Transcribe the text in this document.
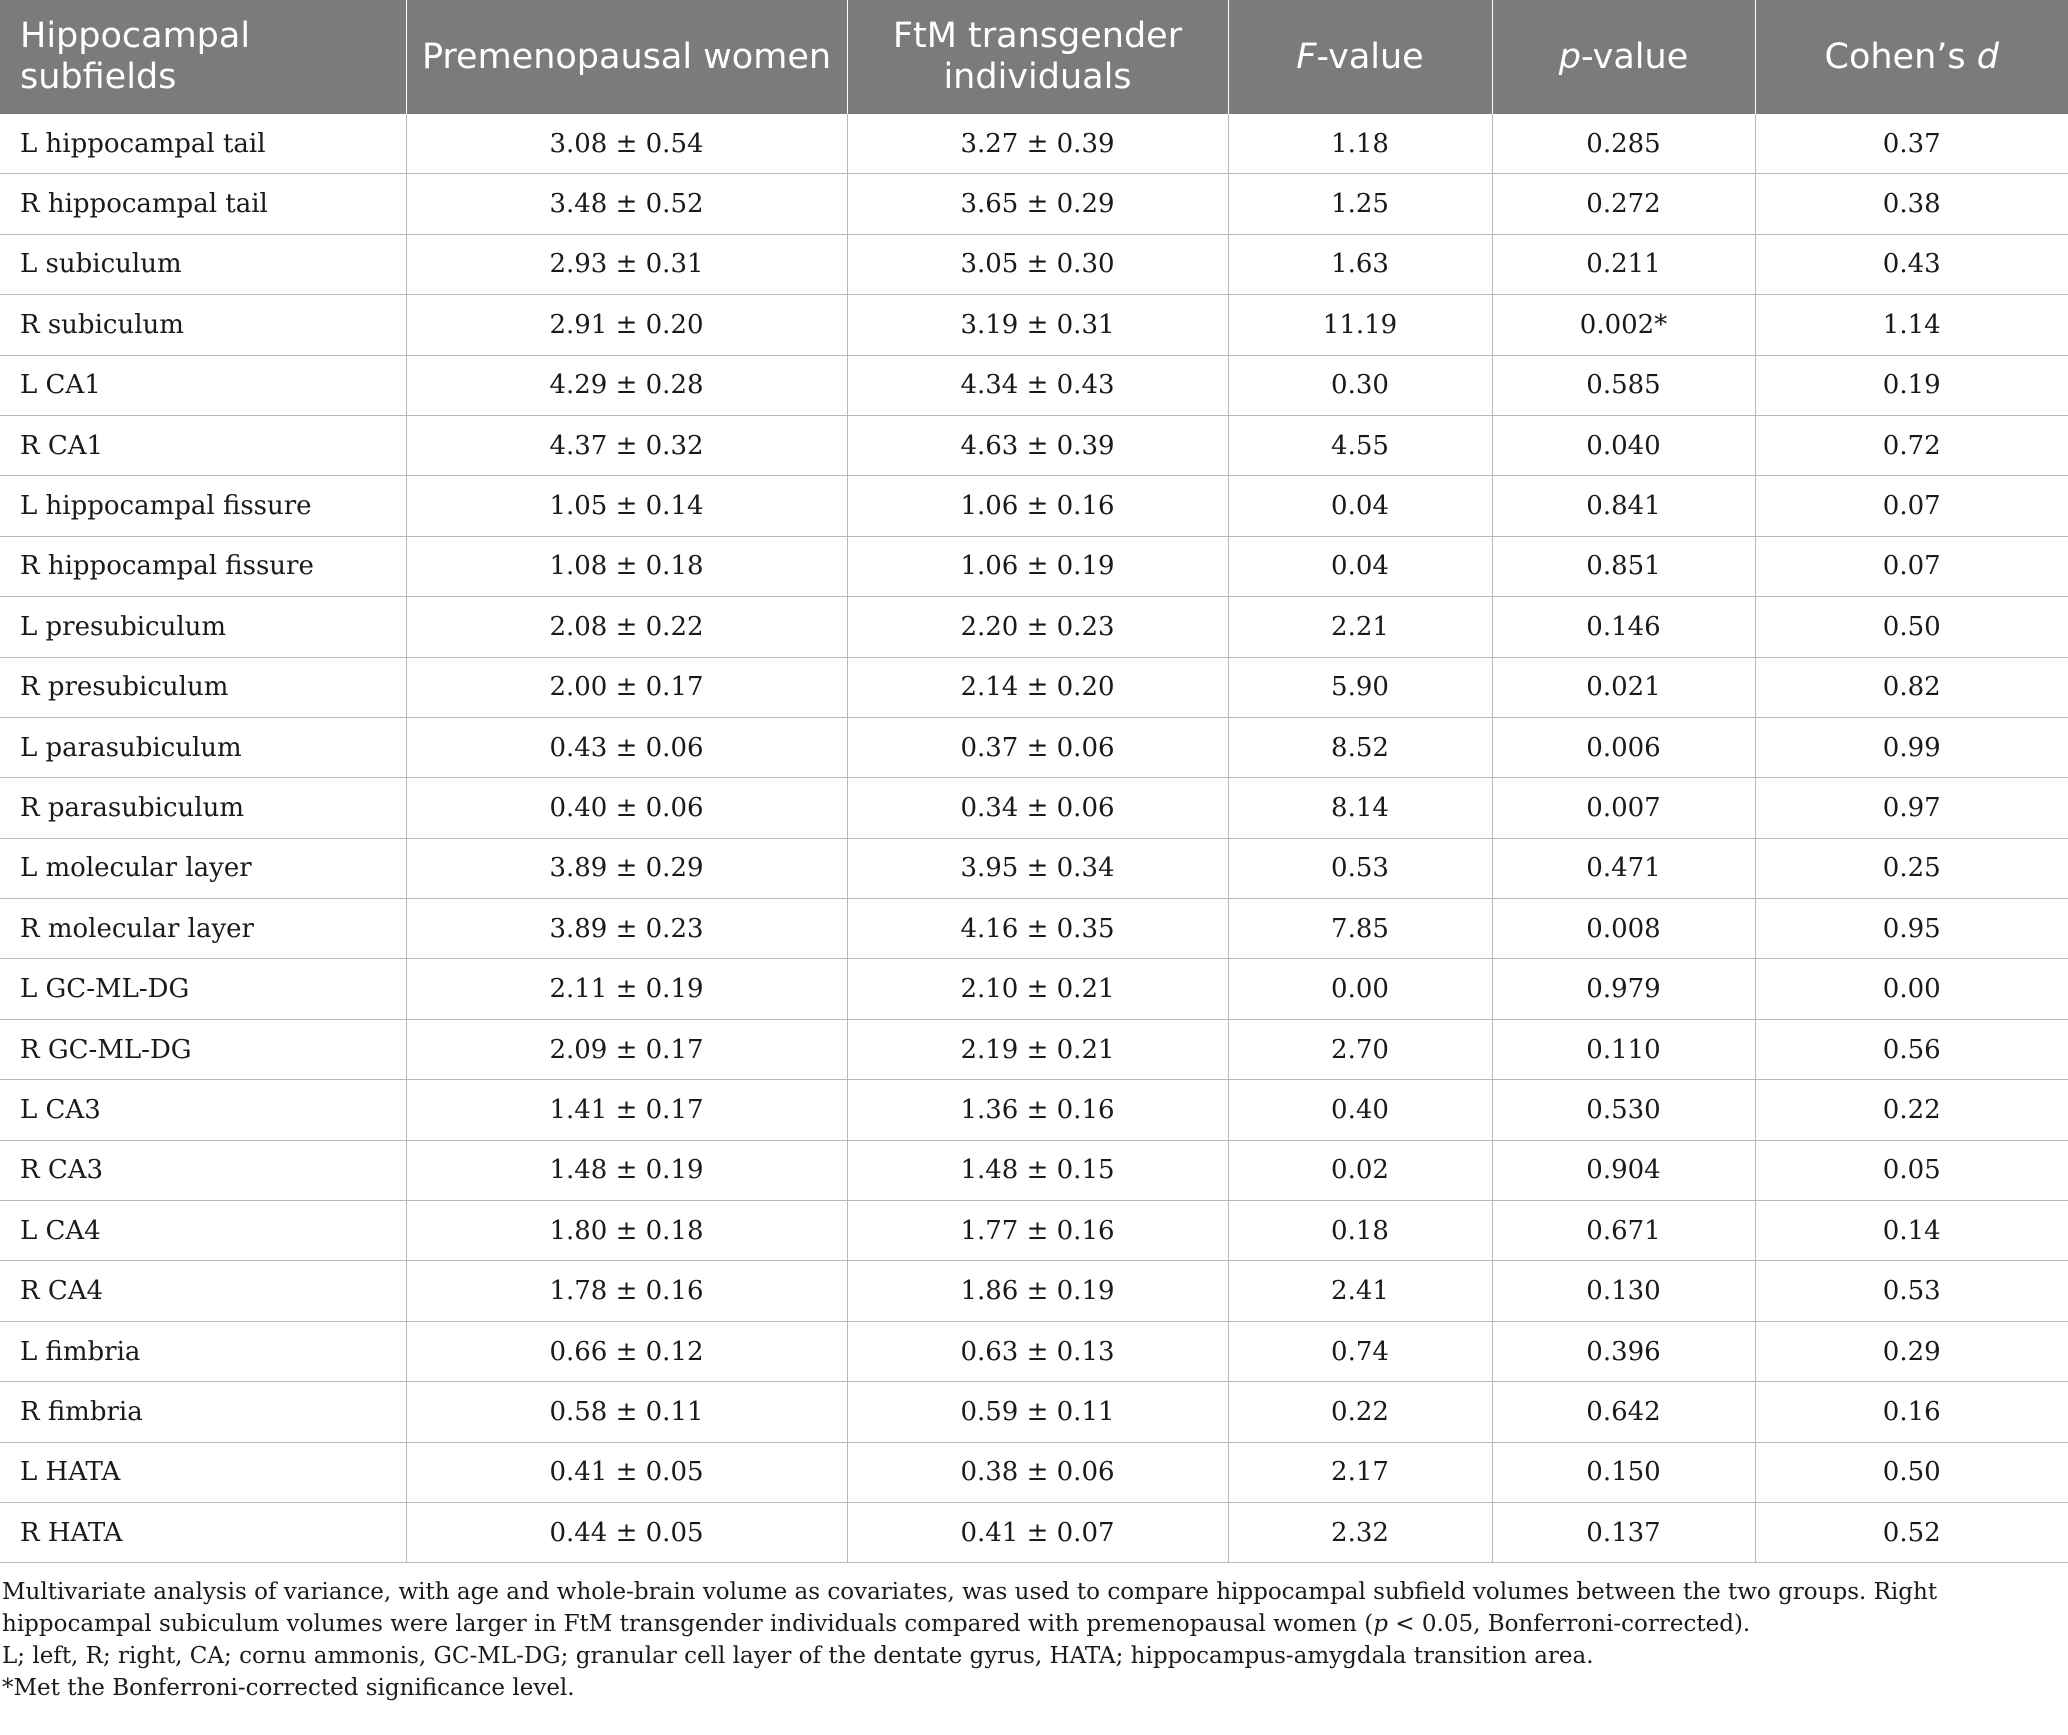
Hippocampal subfields	Premenopausal women	FtM transgender individuals	F-value	p-value	Cohen’s d
L hippocampal tail	3.08 ± 0.54	3.27 ± 0.39	1.18	0.285	0.37
R hippocampal tail	3.48 ± 0.52	3.65 ± 0.29	1.25	0.272	0.38
L subiculum	2.93 ± 0.31	3.05 ± 0.30	1.63	0.211	0.43
R subiculum	2.91 ± 0.20	3.19 ± 0.31	11.19	0.002*	1.14
L CA1	4.29 ± 0.28	4.34 ± 0.43	0.30	0.585	0.19
R CA1	4.37 ± 0.32	4.63 ± 0.39	4.55	0.040	0.72
L hippocampal fissure	1.05 ± 0.14	1.06 ± 0.16	0.04	0.841	0.07
R hippocampal fissure	1.08 ± 0.18	1.06 ± 0.19	0.04	0.851	0.07
L presubiculum	2.08 ± 0.22	2.20 ± 0.23	2.21	0.146	0.50
R presubiculum	2.00 ± 0.17	2.14 ± 0.20	5.90	0.021	0.82
L parasubiculum	0.43 ± 0.06	0.37 ± 0.06	8.52	0.006	0.99
R parasubiculum	0.40 ± 0.06	0.34 ± 0.06	8.14	0.007	0.97
L molecular layer	3.89 ± 0.29	3.95 ± 0.34	0.53	0.471	0.25
R molecular layer	3.89 ± 0.23	4.16 ± 0.35	7.85	0.008	0.95
L GC-ML-DG	2.11 ± 0.19	2.10 ± 0.21	0.00	0.979	0.00
R GC-ML-DG	2.09 ± 0.17	2.19 ± 0.21	2.70	0.110	0.56
L CA3	1.41 ± 0.17	1.36 ± 0.16	0.40	0.530	0.22
R CA3	1.48 ± 0.19	1.48 ± 0.15	0.02	0.904	0.05
L CA4	1.80 ± 0.18	1.77 ± 0.16	0.18	0.671	0.14
R CA4	1.78 ± 0.16	1.86 ± 0.19	2.41	0.130	0.53
L fimbria	0.66 ± 0.12	0.63 ± 0.13	0.74	0.396	0.29
R fimbria	0.58 ± 0.11	0.59 ± 0.11	0.22	0.642	0.16
L HATA	0.41 ± 0.05	0.38 ± 0.06	2.17	0.150	0.50
R HATA	0.44 ± 0.05	0.41 ± 0.07	2.32	0.137	0.52

Multivariate analysis of variance, with age and whole-brain volume as covariates, was used to compare hippocampal subfield volumes between the two groups. Right hippocampal subiculum volumes were larger in FtM transgender individuals compared with premenopausal women (p < 0.05, Bonferroni-corrected).

L; left, R; right, CA; cornu ammonis, GC-ML-DG; granular cell layer of the dentate gyrus, HATA; hippocampus-amygdala transition area.

*Met the Bonferroni-corrected significance level.
